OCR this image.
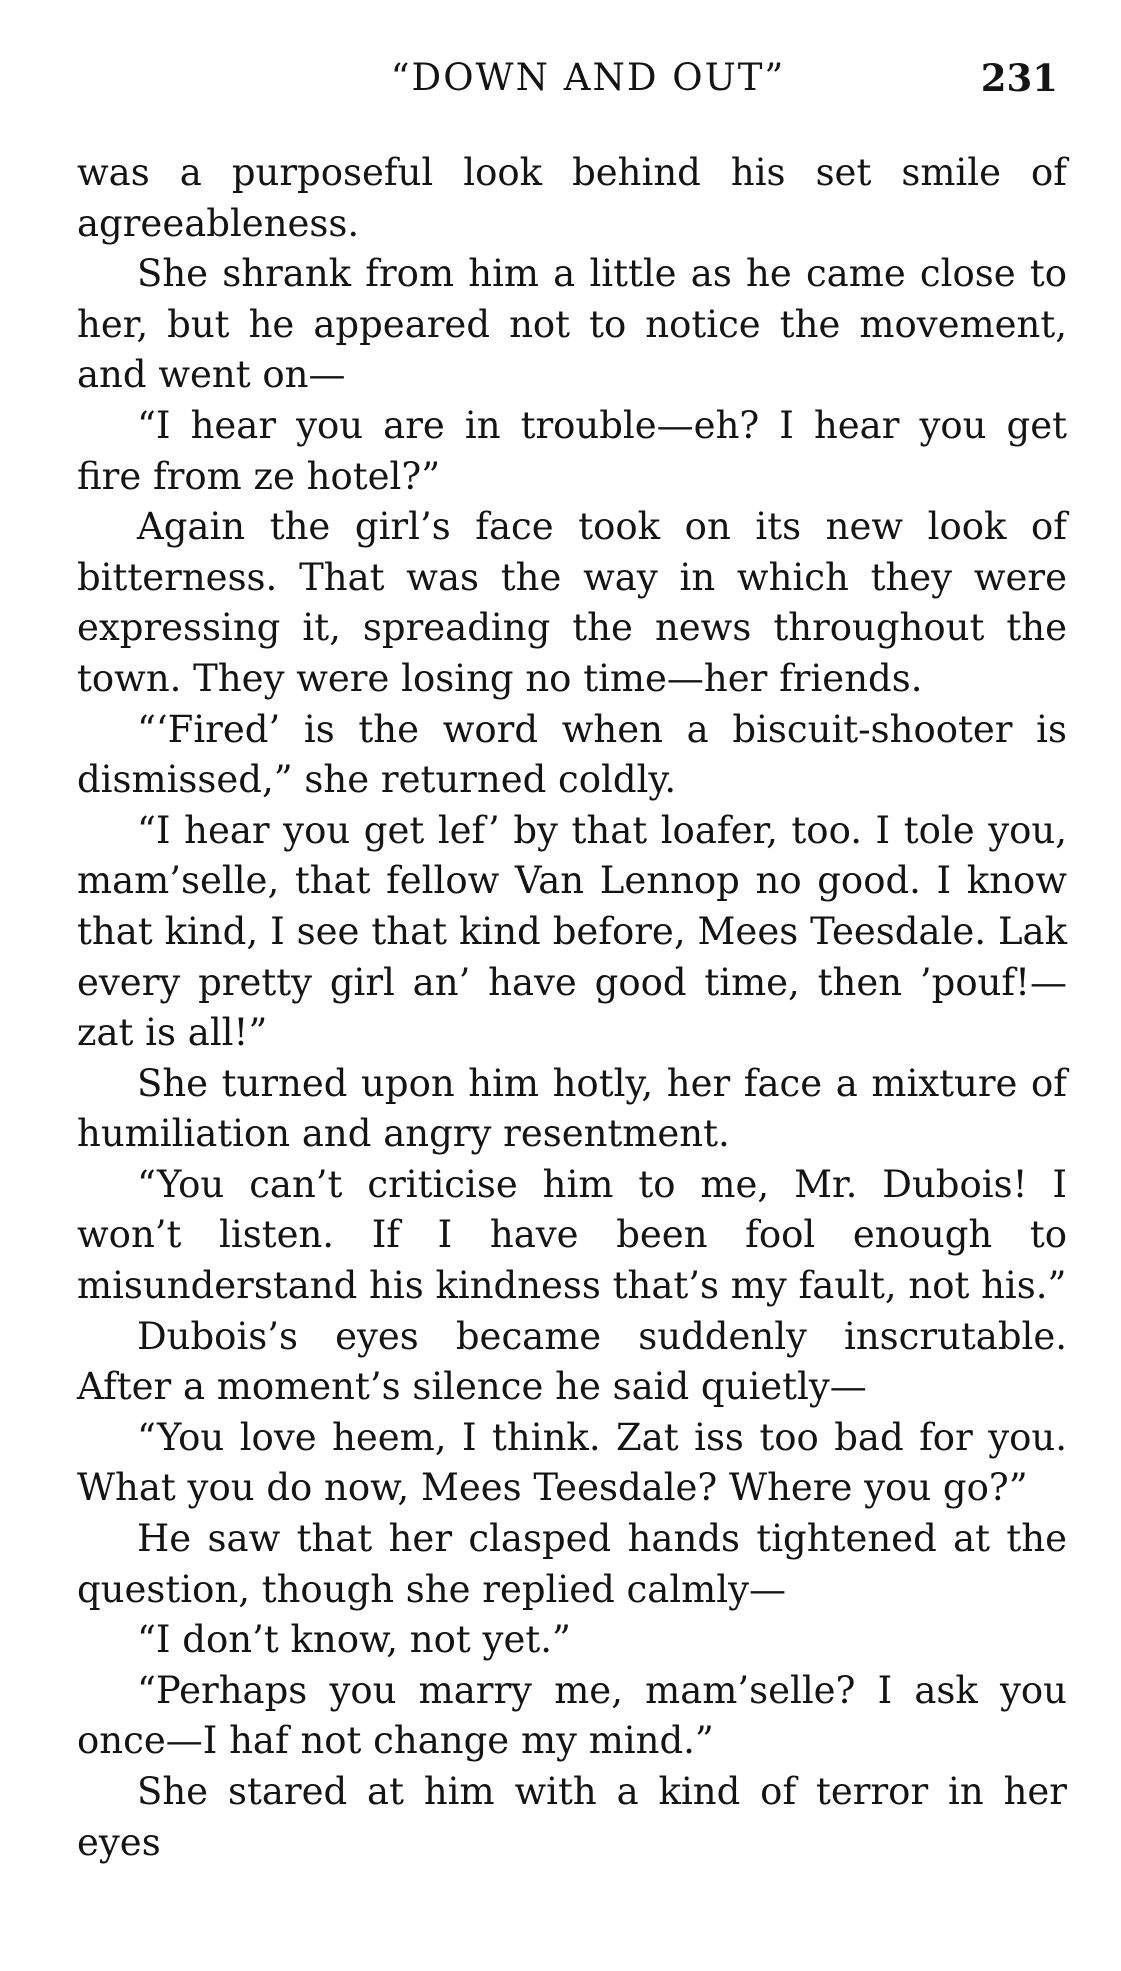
“DOWN AND OUT”	231

was a purposeful look behind his set smile of agreeableness.

She shrank from him a little as he came close to her, but he appeared not to notice the movement, and went on—

“I hear you are in trouble—eh? I hear you get fire from ze hotel?”

Again the girl’s face took on its new look of bitterness. That was the way in which they were expressing it, spreading the news throughout the town. They were losing no time—her friends.

“‘Fired’ is the word when a biscuit-shooter is dismissed,” she returned coldly.

“I hear you get lef’ by that loafer, too. I tole you, mam’selle, that fellow Van Lennop no good. I know that kind, I see that kind before, Mees Teesdale. Lak every pretty girl an’ have good time, then ’pouf!—zat is all!”

She turned upon him hotly, her face a mixture of humiliation and angry resentment.

“You can’t criticise him to me, Mr. Dubois! I won’t listen. If I have been fool enough to misunderstand his kindness that’s my fault, not his.”

Dubois’s eyes became suddenly inscrutable. After a moment’s silence he said quietly—

“You love heem, I think. Zat iss too bad for you. What you do now, Mees Teesdale? Where you go?”

He saw that her clasped hands tightened at the question, though she replied calmly—

“I don’t know, not yet.”

“Perhaps you marry me, mam’selle? I ask you once—I haf not change my mind.”

She stared at him with a kind of terror in her eyes
